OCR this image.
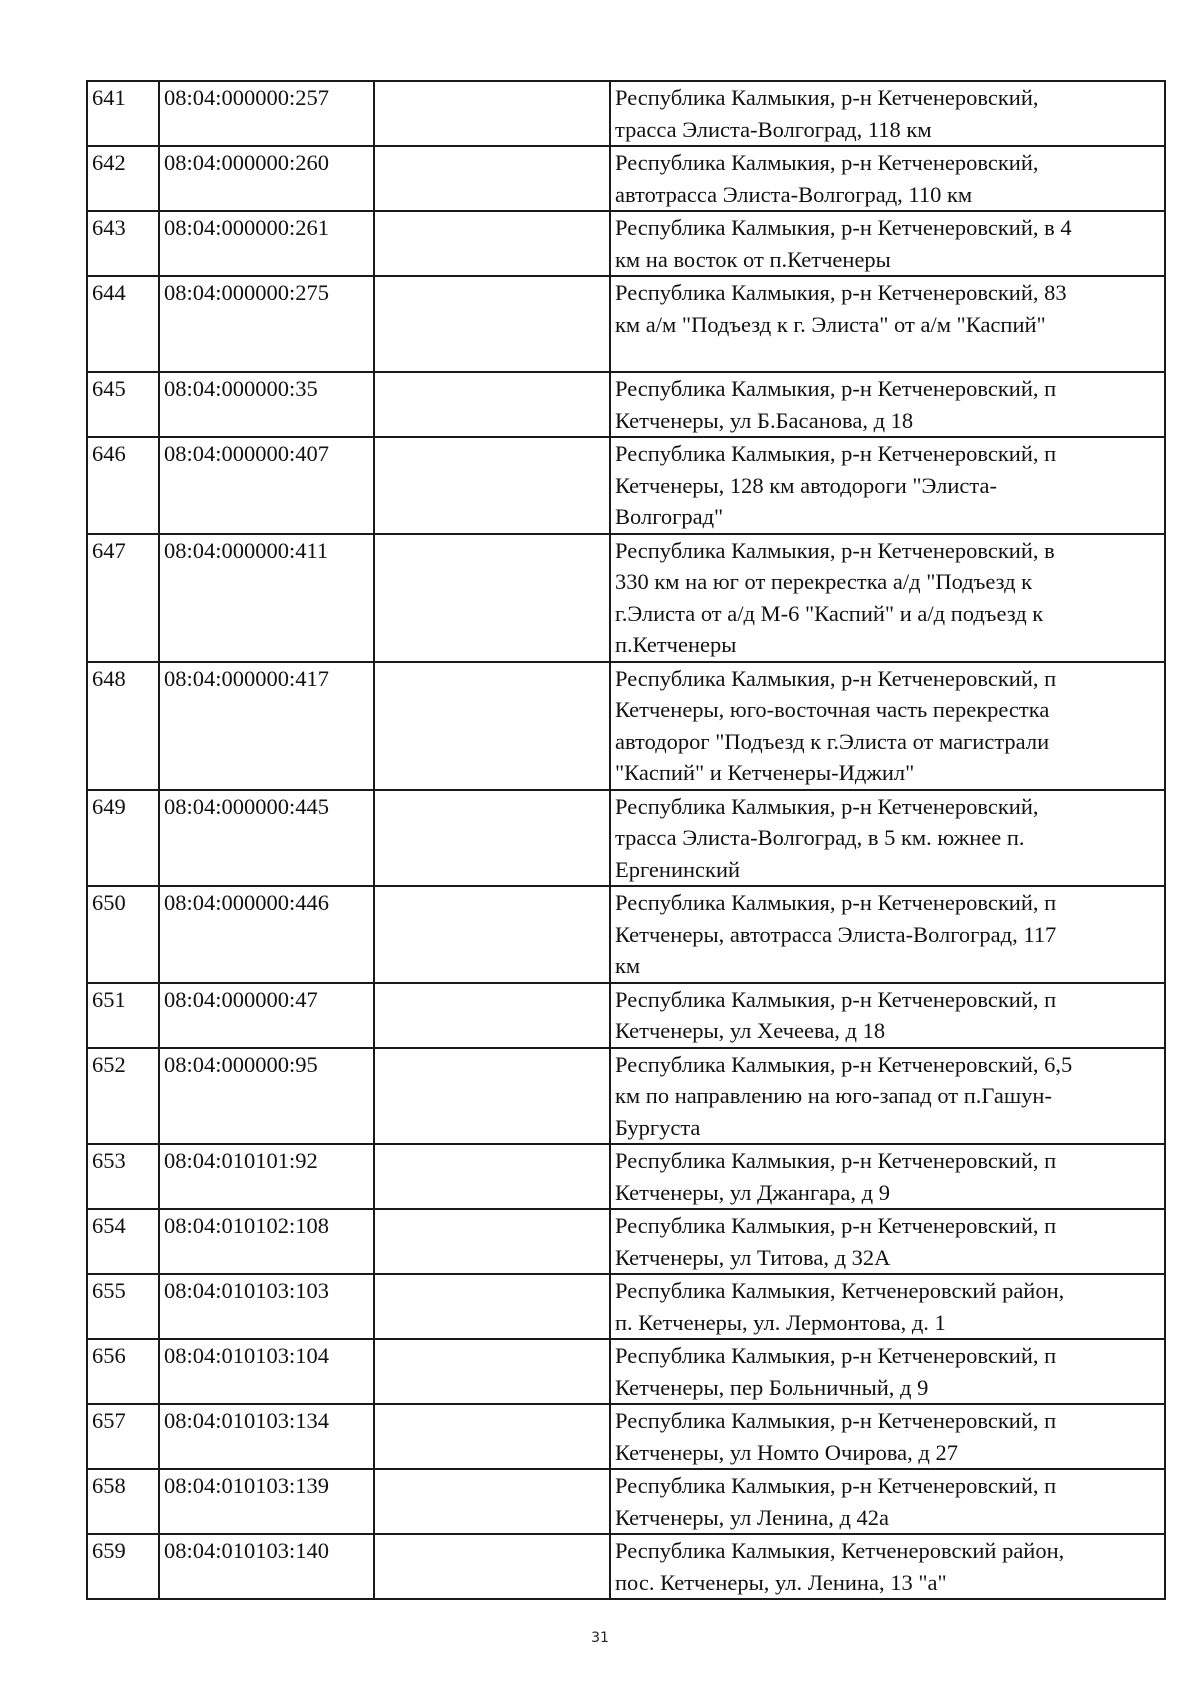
641	08:04:000000:257		Республика Калмыкия, р-н Кетченеровский,
трасса Элиста-Волгоград, 118 км
642	08:04:000000:260		Республика Калмыкия, р-н Кетченеровский,
автотрасса Элиста-Волгоград, 110 км
643	08:04:000000:261		Республика Калмыкия, р-н Кетченеровский, в 4
км на восток от п.Кетченеры
644	08:04:000000:275		Республика Калмыкия, р-н Кетченеровский, 83
км а/м "Подъезд к г. Элиста" от а/м "Каспий"
645	08:04:000000:35		Республика Калмыкия, р-н Кетченеровский, п
Кетченеры, ул Б.Басанова, д 18
646	08:04:000000:407		Республика Калмыкия, р-н Кетченеровский, п
Кетченеры, 128 км автодороги "Элиста-
Волгоград"
647	08:04:000000:411		Республика Калмыкия, р-н Кетченеровский, в
330 км на юг от перекрестка а/д "Подъезд к
г.Элиста от а/д М-6 "Каспий" и а/д подъезд к
п.Кетченеры
648	08:04:000000:417		Республика Калмыкия, р-н Кетченеровский, п
Кетченеры, юго-восточная часть перекрестка
автодорог "Подъезд к г.Элиста от магистрали
"Каспий" и Кетченеры-Иджил"
649	08:04:000000:445		Республика Калмыкия, р-н Кетченеровский,
трасса Элиста-Волгоград, в 5 км. южнее п.
Ергенинский
650	08:04:000000:446		Республика Калмыкия, р-н Кетченеровский, п
Кетченеры, автотрасса Элиста-Волгоград, 117
км
651	08:04:000000:47		Республика Калмыкия, р-н Кетченеровский, п
Кетченеры, ул Хечеева, д 18
652	08:04:000000:95		Республика Калмыкия, р-н Кетченеровский, 6,5
км по направлению на юго-запад от п.Гашун-
Бургуста
653	08:04:010101:92		Республика Калмыкия, р-н Кетченеровский, п
Кетченеры, ул Джангара, д 9
654	08:04:010102:108		Республика Калмыкия, р-н Кетченеровский, п
Кетченеры, ул Титова, д 32А
655	08:04:010103:103		Республика Калмыкия, Кетченеровский район,
п. Кетченеры, ул. Лермонтова, д. 1
656	08:04:010103:104		Республика Калмыкия, р-н Кетченеровский, п
Кетченеры, пер Больничный, д 9
657	08:04:010103:134		Республика Калмыкия, р-н Кетченеровский, п
Кетченеры, ул Номто Очирова, д 27
658	08:04:010103:139		Республика Калмыкия, р-н Кетченеровский, п
Кетченеры, ул Ленина, д 42а
659	08:04:010103:140		Республика Калмыкия, Кетченеровский район,
пос. Кетченеры, ул. Ленина, 13 "а"
31
